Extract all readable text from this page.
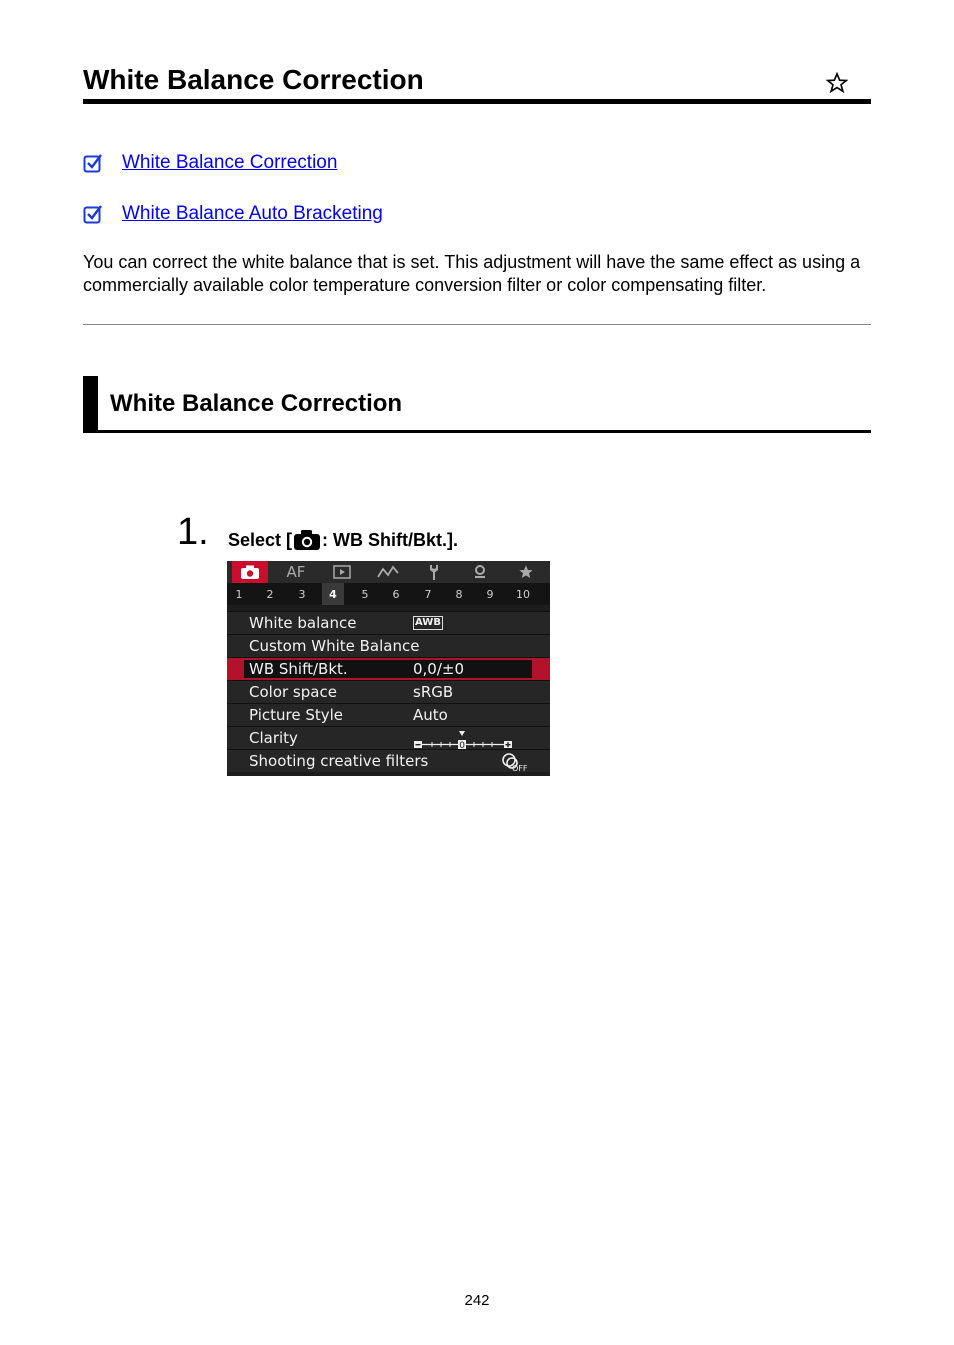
White Balance Correction
White Balance Correction
White Balance Auto Bracketing

You can correct the white balance that is set. This adjustment will have the same effect as using a commercially available color temperature conversion filter or color compensating filter.

White Balance Correction
1. Select [ : WB Shift/Bkt.].
AF
1	2	3	4	5	6	7	8	9	10
White balance	AWB
Custom White Balance
WB Shift/Bkt.	0,0/±0
Color space	sRGB
Picture Style	Auto
Clarity	0
Shooting creative filters	OFF
242
